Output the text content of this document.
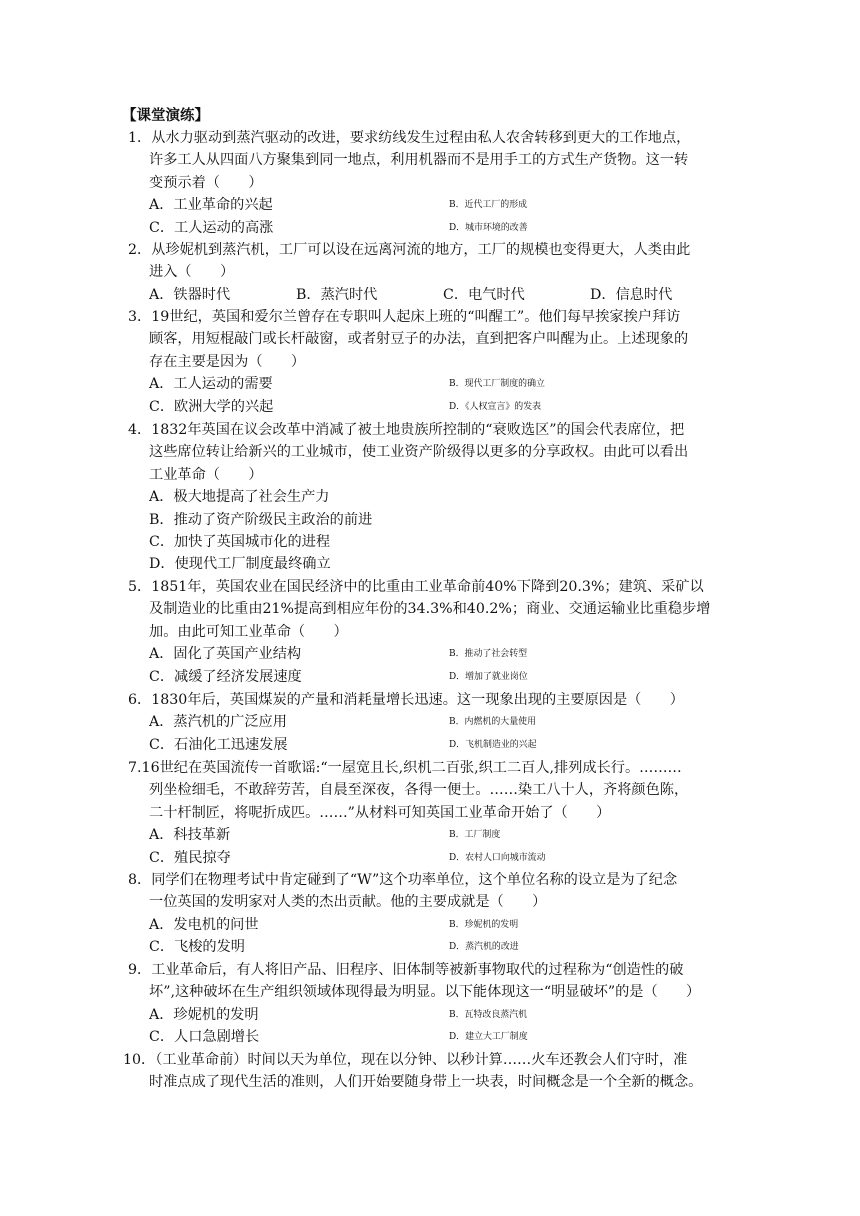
【课堂演练】
1．从水力驱动到蒸汽驱动的改进，要求纺线发生过程由私人农舍转移到更大的工作地点，
许多工人从四面八方聚集到同一地点，利用机器而不是用手工的方式生产货物。这一转
变预示着（　　）
A．工业革命的兴起	B．近代工厂的形成
C．工人运动的高涨	D．城市环境的改善
2．从珍妮机到蒸汽机，工厂可以设在远离河流的地方，工厂的规模也变得更大，人类由此
进入（　　）
A．铁器时代	B．蒸汽时代	C．电气时代	D．信息时代
3．19世纪，英国和爱尔兰曾存在专职叫人起床上班的“叫醒工”。他们每早挨家挨户拜访
顾客，用短棍敲门或长杆敲窗，或者射豆子的办法，直到把客户叫醒为止。上述现象的
存在主要是因为（　　）
A．工人运动的需要	B．现代工厂制度的确立
C．欧洲大学的兴起	D．《人权宣言》的发表
4．1832年英国在议会改革中消减了被土地贵族所控制的“衰败选区”的国会代表席位，把
这些席位转让给新兴的工业城市，使工业资产阶级得以更多的分享政权。由此可以看出
工业革命（　　）
A．极大地提高了社会生产力
B．推动了资产阶级民主政治的前进
C．加快了英国城市化的进程
D．使现代工厂制度最终确立
5．1851年，英国农业在国民经济中的比重由工业革命前40%下降到20.3%；建筑、采矿以
及制造业的比重由21%提高到相应年份的34.3%和40.2%；商业、交通运输业比重稳步增
加。由此可知工业革命（　　）
A．固化了英国产业结构	B．推动了社会转型
C．减缓了经济发展速度	D．增加了就业岗位
6．1830年后，英国煤炭的产量和消耗量增长迅速。这一现象出现的主要原因是（　　）
A．蒸汽机的广泛应用	B．内燃机的大量使用
C．石油化工迅速发展	D．飞机制造业的兴起
7.16世纪在英国流传一首歌谣:“一屋宽且长,织机二百张,织工二百人,排列成长行。………
列坐检细毛，不敢辞劳苦，自晨至深夜，各得一便士。……染工八十人，齐将颜色陈，
二十杆制匠，将呢折成匹。……”从材料可知英国工业革命开始了（　　）
A．科技革新	B．工厂制度
C．殖民掠夺	D．农村人口向城市流动
8．同学们在物理考试中肯定碰到了“W”这个功率单位，这个单位名称的设立是为了纪念
一位英国的发明家对人类的杰出贡献。他的主要成就是（　　）
A．发电机的问世	B．珍妮机的发明
C．飞梭的发明	D．蒸汽机的改进
9．工业革命后，有人将旧产品、旧程序、旧体制等被新事物取代的过程称为“创造性的破
坏”,这种破坏在生产组织领域体现得最为明显。以下能体现这一“明显破坏”的是（　　）
A．珍妮机的发明	B．瓦特改良蒸汽机
C．人口急剧增长	D．建立大工厂制度
10．（工业革命前）时间以天为单位，现在以分钟、以秒计算……火车还教会人们守时，准
时准点成了现代生活的准则，人们开始要随身带上一块表，时间概念是一个全新的概念。
